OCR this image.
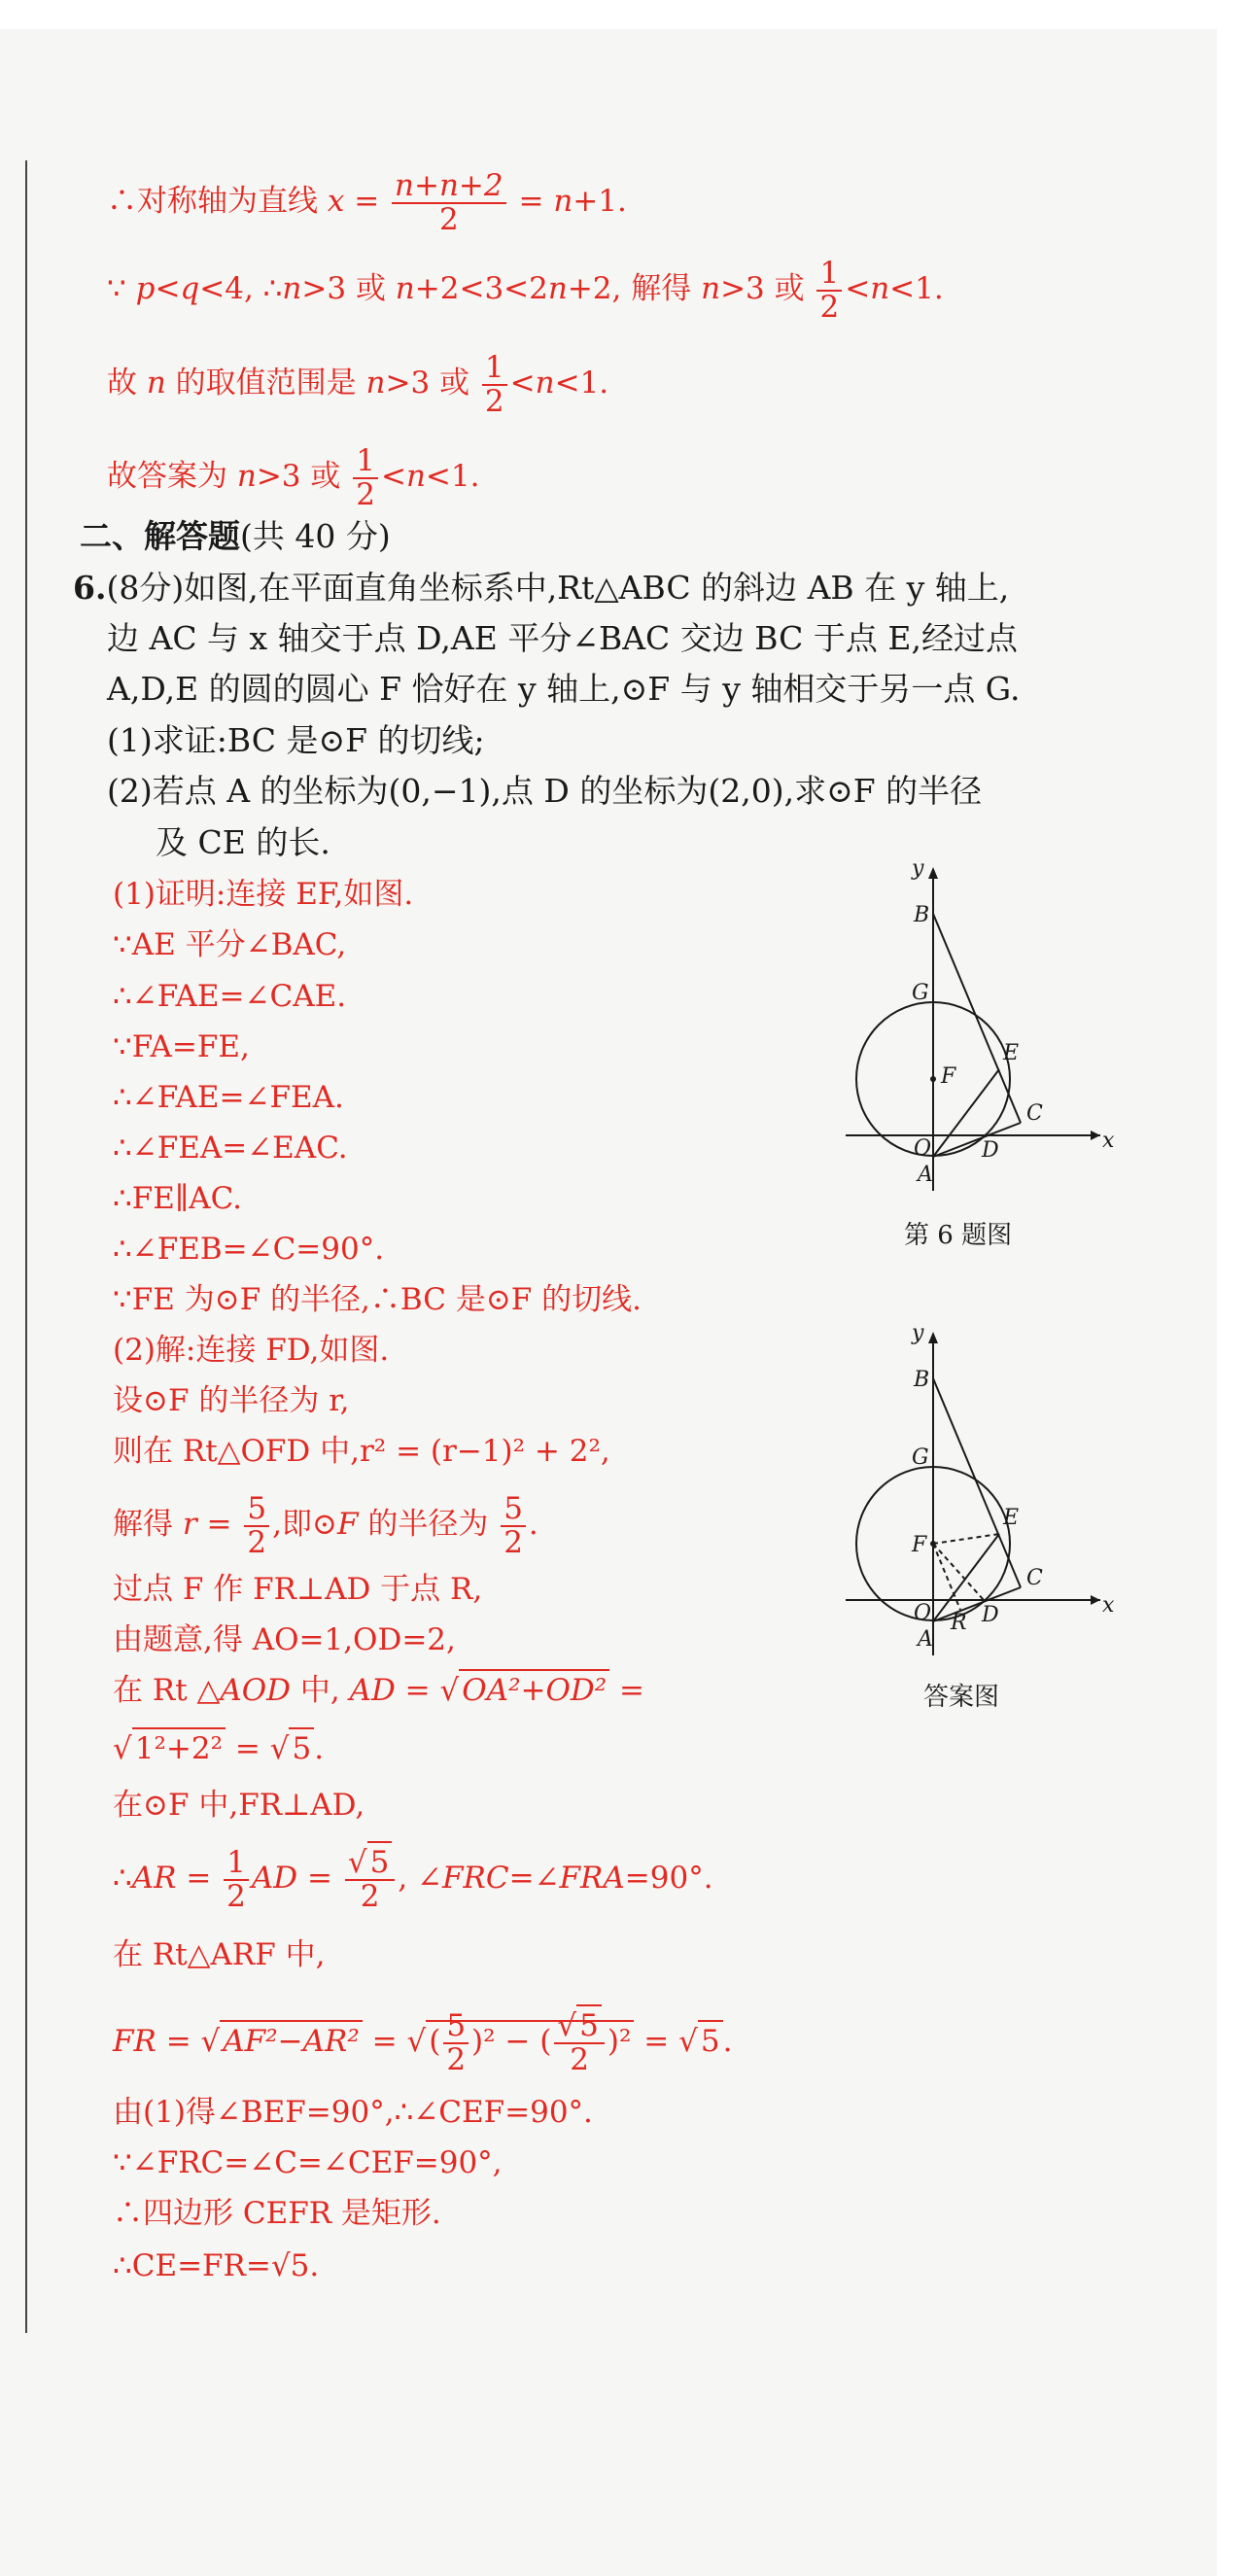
∴对称轴为直线 $x = \frac{n+n+2}{2} = n+1$.
∵ p<q<4, ∴n>3 或 n+2<3<2n+2, 解得 n>3 或 $\frac{1}{2} <n<1$.
故 n 的取值范围是 n>3 或 $\frac{1}{2} <n<1$.
故答案为 n>3 或 $\frac{1}{2} <n<1$.
二、解答题(共 40 分)
6.(8分)如图,在平面直角坐标系中,Rt△ABC 的斜边 AB 在 y 轴上,
边 AC 与 x 轴交于点 D,AE 平分∠BAC 交边 BC 于点 E,经过点
A,D,E 的圆的圆心 F 恰好在 y 轴上,⊙F 与 y 轴相交于另一点 G.
(1)求证:BC 是⊙F 的切线;
(2)若点 A 的坐标为(0,−1),点 D 的坐标为(2,0),求⊙F 的半径
及 CE 的长.
(1)证明:连接 EF,如图.
∵AE 平分∠BAC,
∴∠FAE=∠CAE.
∵FA=FE,
∴∠FAE=∠FEA.
∴∠FEA=∠EAC.
∴FE∥AC.
∴∠FEB=∠C=90°.
∵FE 为⊙F 的半径,∴BC 是⊙F 的切线.
(2)解:连接 FD,如图.
设⊙F 的半径为 r,
则在 Rt△OFD 中,r² = (r−1)² + 2²,
解得 $r = \frac{5}{2}$ ,即⊙F 的半径为 $\frac{5}{2}$ .
过点 F 作 FR⊥AD 于点 R,
由题意,得 AO=1,OD=2,
在 Rt △AOD 中, AD = √OA²+OD² =
√1²+2² = √5.
在⊙F 中,FR⊥AD,
∴AR = $\frac{1}{2}$ AD = $\frac{√5}{2}$ , ∠FRC=∠FRA=90°.
在 Rt△ARF 中,
FR = √AF²−AR² = √( $\frac{5}{2} )^2$ − ( $\frac{√5}{2} )^2 = √5$.
由(1)得∠BEF=90°,∴∠CEF=90°.
∵∠FRC=∠C=∠CEF=90°,
∴四边形 CEFR 是矩形.
∴CE=FR=√5.
y
x
B
G
E
F
C
O D
A
第 6 题图
y
x
B
G
E
F
C
O D
R
A
答案图
